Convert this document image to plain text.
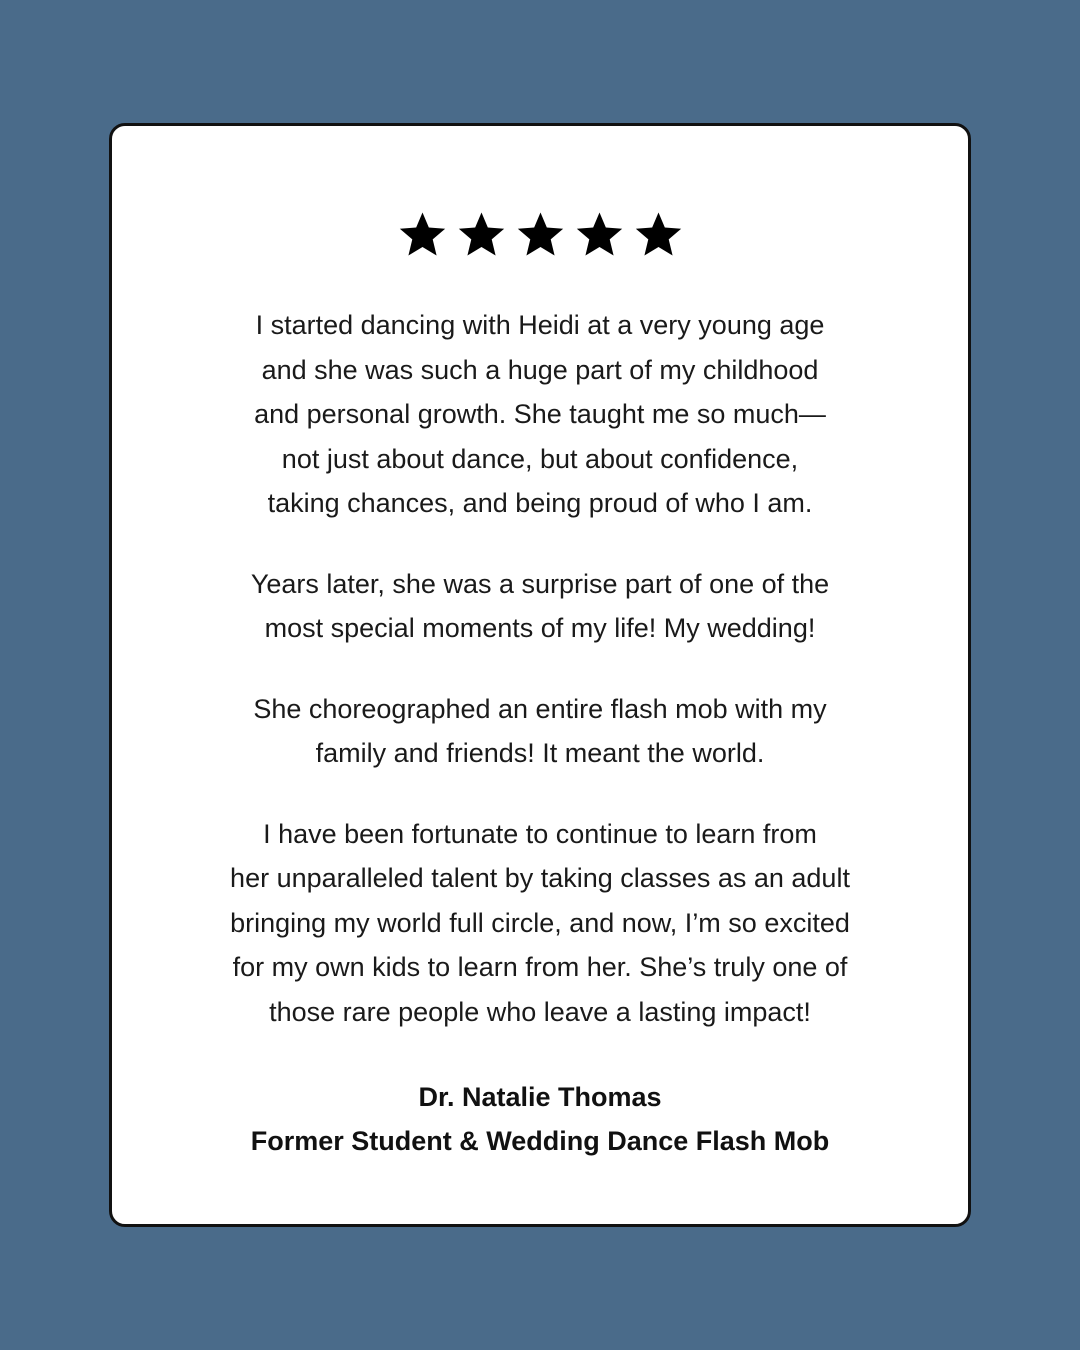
I started dancing with Heidi at a very young age
and she was such a huge part of my childhood
and personal growth. She taught me so much—
not just about dance, but about confidence,
taking chances, and being proud of who I am.

Years later, she was a surprise part of one of the
most special moments of my life! My wedding!

She choreographed an entire flash mob with my
family and friends! It meant the world.

I have been fortunate to continue to learn from
her unparalleled talent by taking classes as an adult
bringing my world full circle, and now, I’m so excited
for my own kids to learn from her. She’s truly one of
those rare people who leave a lasting impact!

Dr. Natalie Thomas
Former Student & Wedding Dance Flash Mob
